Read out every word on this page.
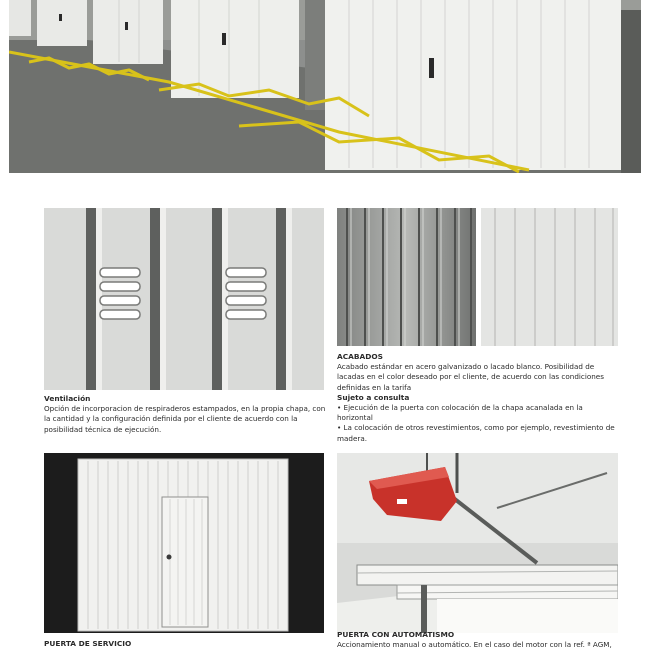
ACABADOS

Acabado estándar en acero galvanizado o lacado blanco. Posibilidad de lacadas en el color deseado por el cliente, de acuerdo con las condiciones definidas en la tarifa

Sujeto a consulta

• Ejecución de la puerta con colocación de la chapa acanalada en la horizontal

• La colocación de otros revestimientos, como por ejemplo, revestimiento de madera.

Ventilación

Opción de incorporacion de respiraderos estampados, en la propia chapa, con la cantidad y la configuración definida por el cliente de acuerdo con la posibilidad técnica de ejecución.

PUERTA DE SERVICIO

PUERTA CON AUTOMATISMO

Accionamiento manual o automático. En el caso del motor con la ref. ª AGM,
